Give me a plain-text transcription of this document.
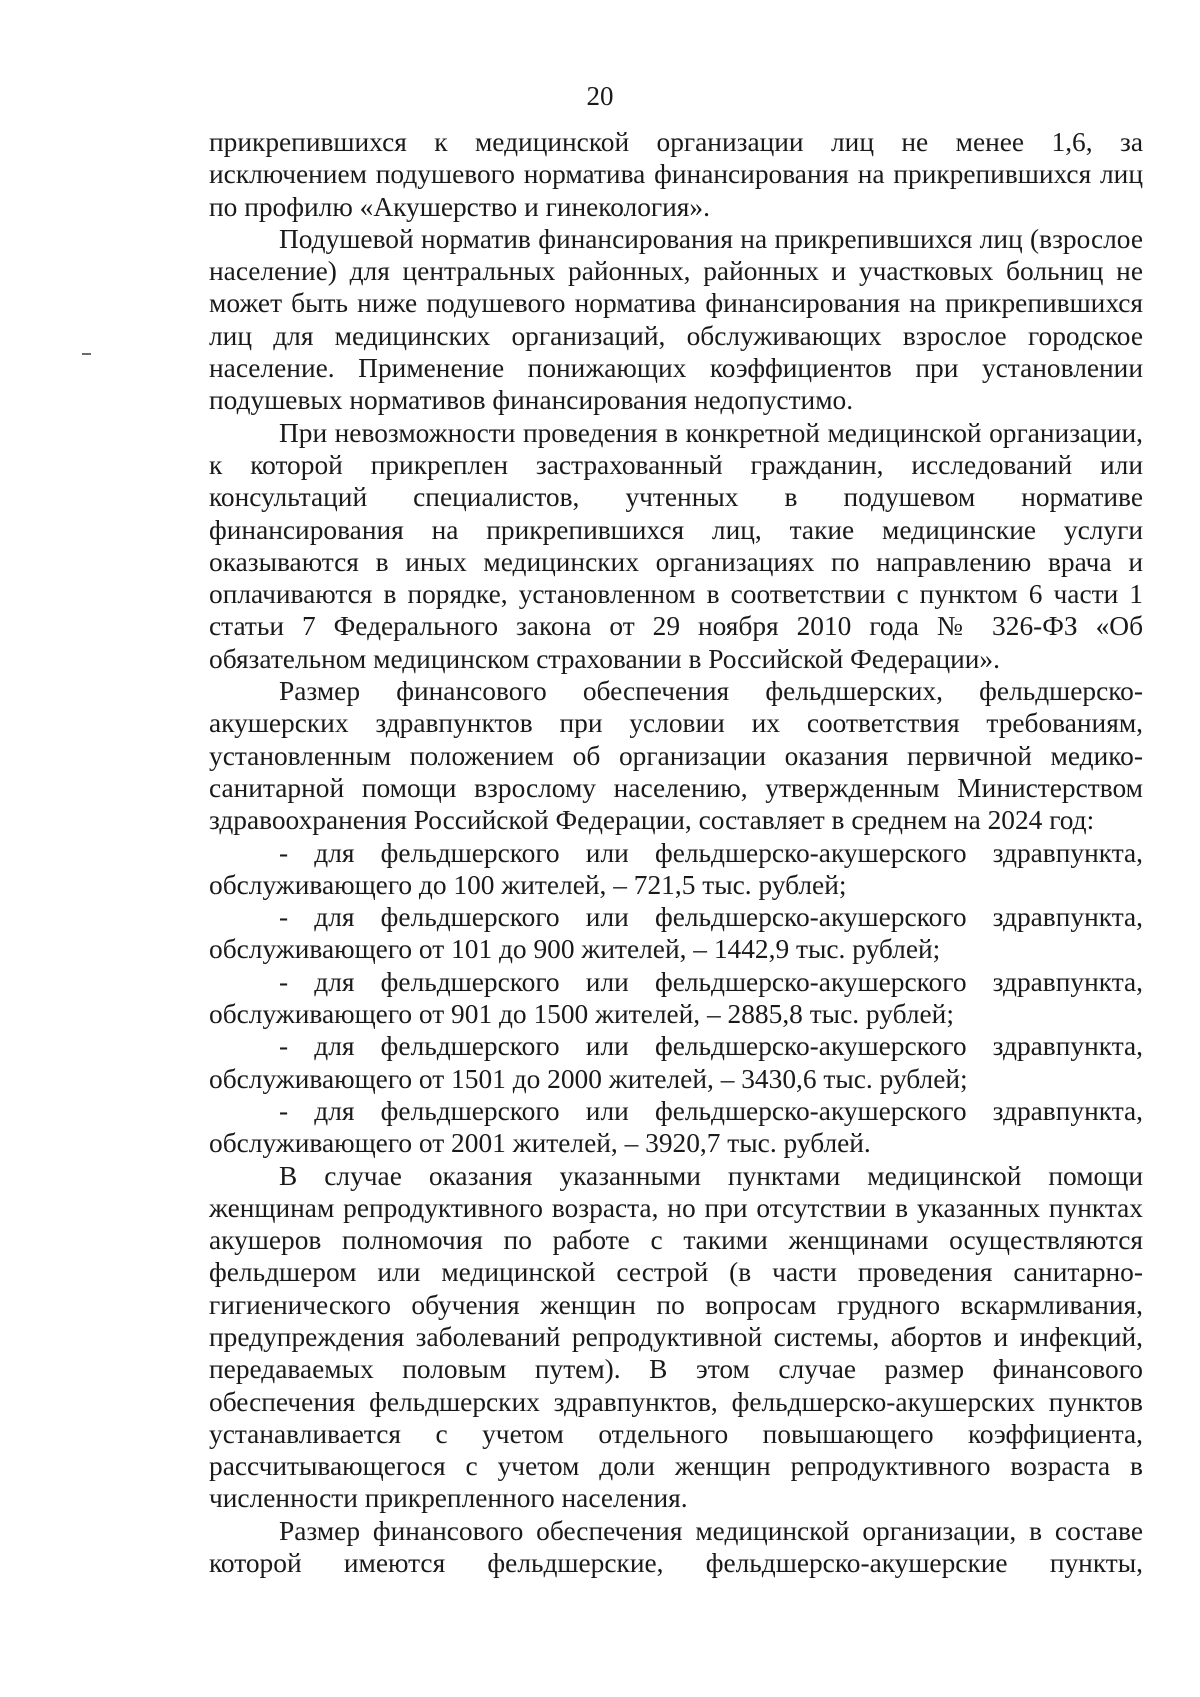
20

прикрепившихся к медицинской организации лиц не менее 1,6, за исключением подушевого норматива финансирования на прикрепившихся лиц по профилю «Акушерство и гинекология».

Подушевой норматив финансирования на прикрепившихся лиц (взрослое население) для центральных районных, районных и участковых больниц не может быть ниже подушевого норматива финансирования на прикрепившихся лиц для медицинских организаций, обслуживающих взрослое городское население. Применение понижающих коэффициентов при установлении подушевых нормативов финансирования недопустимо.

При невозможности проведения в конкретной медицинской организации, к которой прикреплен застрахованный гражданин, исследований или консультаций специалистов, учтенных в подушевом нормативе финансирования на прикрепившихся лиц, такие медицинские услуги оказываются в иных медицинских организациях по направлению врача и оплачиваются в порядке, установленном в соответствии с пунктом 6 части 1 статьи 7 Федерального закона от 29 ноября 2010 года № 326-ФЗ «Об обязательном медицинском страховании в Российской Федерации».

Размер финансового обеспечения фельдшерских, фельдшерско-акушерских здравпунктов при условии их соответствия требованиям, установленным положением об организации оказания первичной медико-санитарной помощи взрослому населению, утвержденным Министерством здравоохранения Российской Федерации, составляет в среднем на 2024 год:

- для фельдшерского или фельдшерско-акушерского здравпункта, обслуживающего до 100 жителей, – 721,5 тыс. рублей;

- для фельдшерского или фельдшерско-акушерского здравпункта, обслуживающего от 101 до 900 жителей, – 1442,9 тыс. рублей;

- для фельдшерского или фельдшерско-акушерского здравпункта, обслуживающего от 901 до 1500 жителей, – 2885,8 тыс. рублей;

- для фельдшерского или фельдшерско-акушерского здравпункта, обслуживающего от 1501 до 2000 жителей, – 3430,6 тыс. рублей;

- для фельдшерского или фельдшерско-акушерского здравпункта, обслуживающего от 2001 жителей, – 3920,7 тыс. рублей.

В случае оказания указанными пунктами медицинской помощи женщинам репродуктивного возраста, но при отсутствии в указанных пунктах акушеров полномочия по работе с такими женщинами осуществляются фельдшером или медицинской сестрой (в части проведения санитарно-гигиенического обучения женщин по вопросам грудного вскармливания, предупреждения заболеваний репродуктивной системы, абортов и инфекций, передаваемых половым путем). В этом случае размер финансового обеспечения фельдшерских здравпунктов, фельдшерско-акушерских пунктов устанавливается с учетом отдельного повышающего коэффициента, рассчитывающегося с учетом доли женщин репродуктивного возраста в численности прикрепленного населения.

Размер финансового обеспечения медицинской организации, в составе которой имеются фельдшерские, фельдшерско-акушерские пункты,
